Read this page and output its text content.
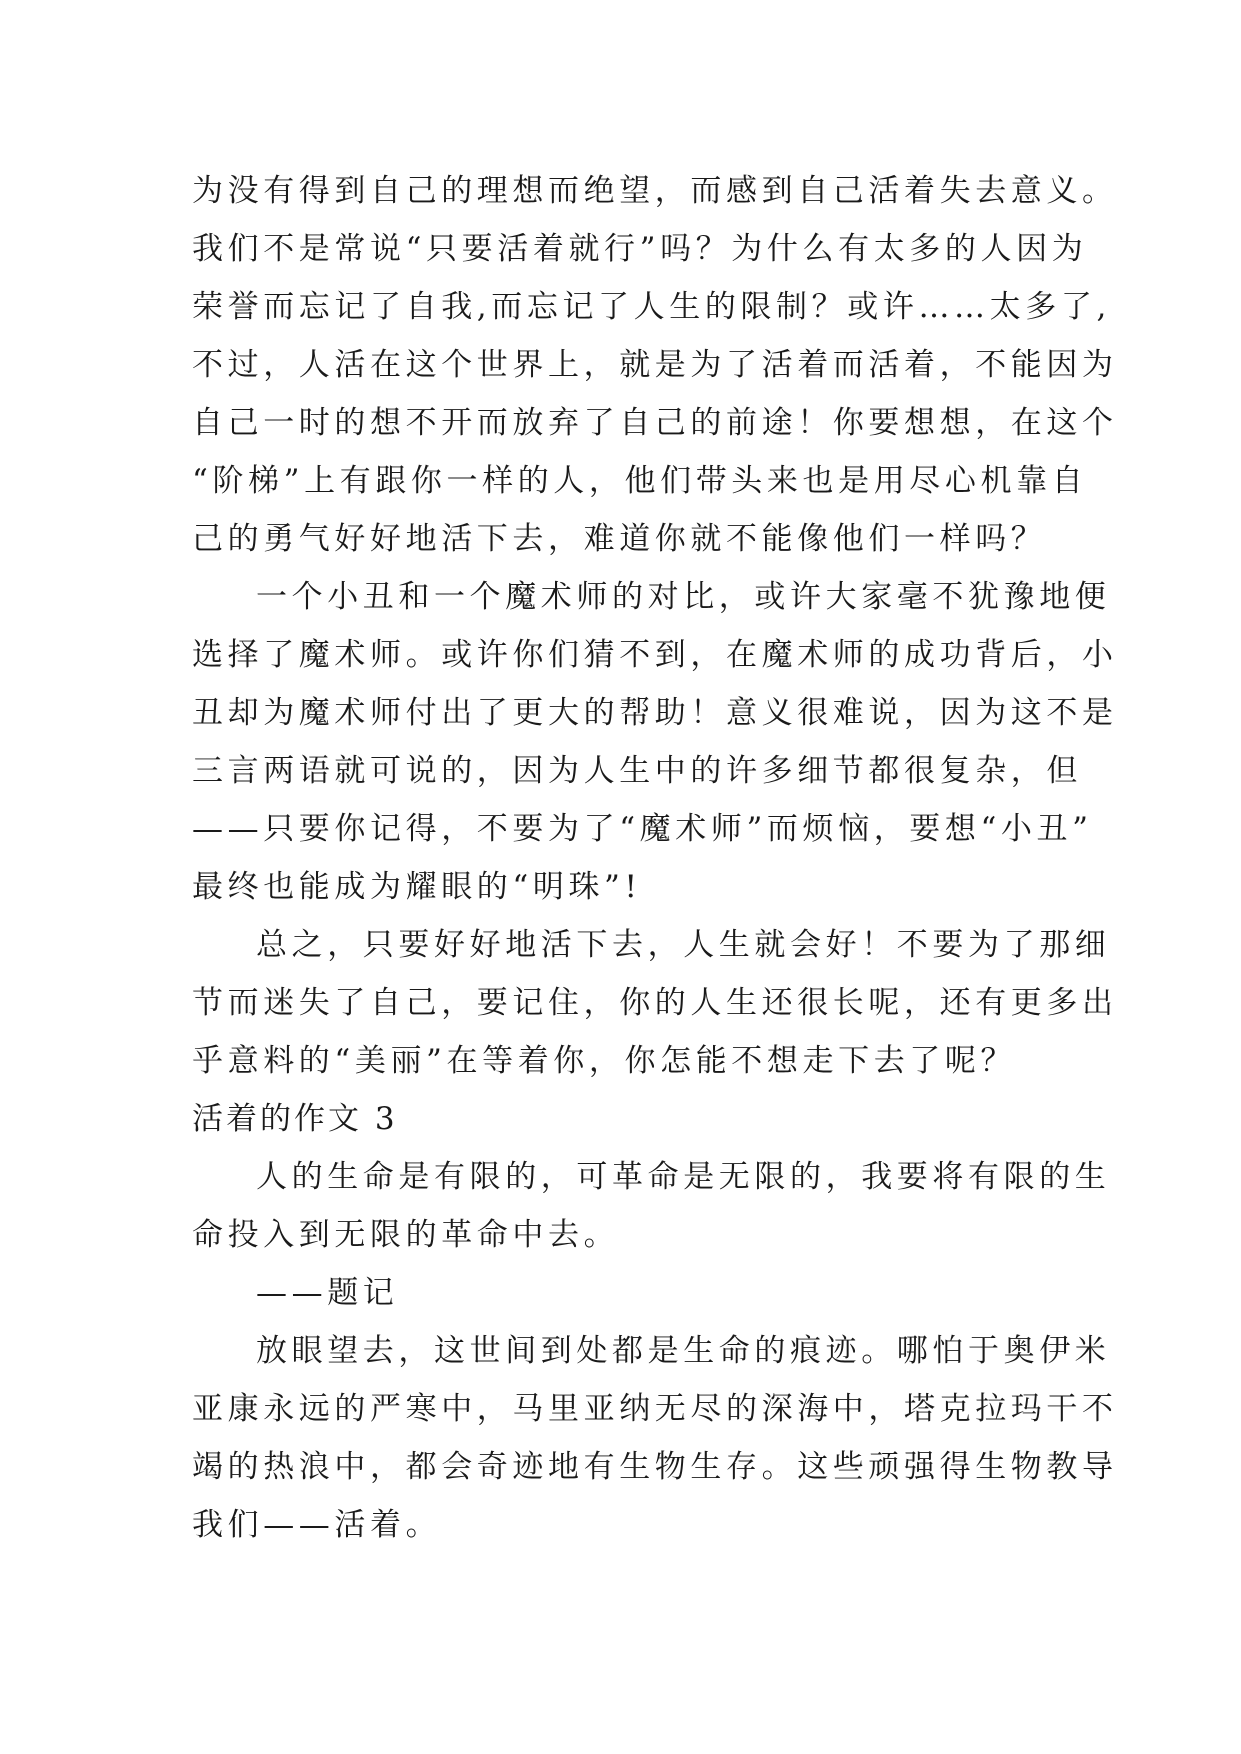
为没有得到自己的理想而绝望，而感到自己活着失去意义。
我们不是常说“只要活着就行”吗？为什么有太多的人因为
荣誉而忘记了自我,而忘记了人生的限制？或许……太多了,
不过，人活在这个世界上，就是为了活着而活着，不能因为
自己一时的想不开而放弃了自己的前途！你要想想，在这个
“阶梯”上有跟你一样的人，他们带头来也是用尽心机靠自
己的勇气好好地活下去，难道你就不能像他们一样吗？
一个小丑和一个魔术师的对比，或许大家毫不犹豫地便
选择了魔术师。或许你们猜不到，在魔术师的成功背后，小
丑却为魔术师付出了更大的帮助！意义很难说，因为这不是
三言两语就可说的，因为人生中的许多细节都很复杂，但
——只要你记得，不要为了“魔术师”而烦恼，要想“小丑”
最终也能成为耀眼的“明珠”!
总之，只要好好地活下去，人生就会好！不要为了那细
节而迷失了自己，要记住，你的人生还很长呢，还有更多出
乎意料的“美丽”在等着你，你怎能不想走下去了呢？
活着的作文 3
人的生命是有限的，可革命是无限的，我要将有限的生
命投入到无限的革命中去。
——题记
放眼望去，这世间到处都是生命的痕迹。哪怕于奥伊米
亚康永远的严寒中，马里亚纳无尽的深海中，塔克拉玛干不
竭的热浪中，都会奇迹地有生物生存。这些顽强得生物教导
我们——活着。
